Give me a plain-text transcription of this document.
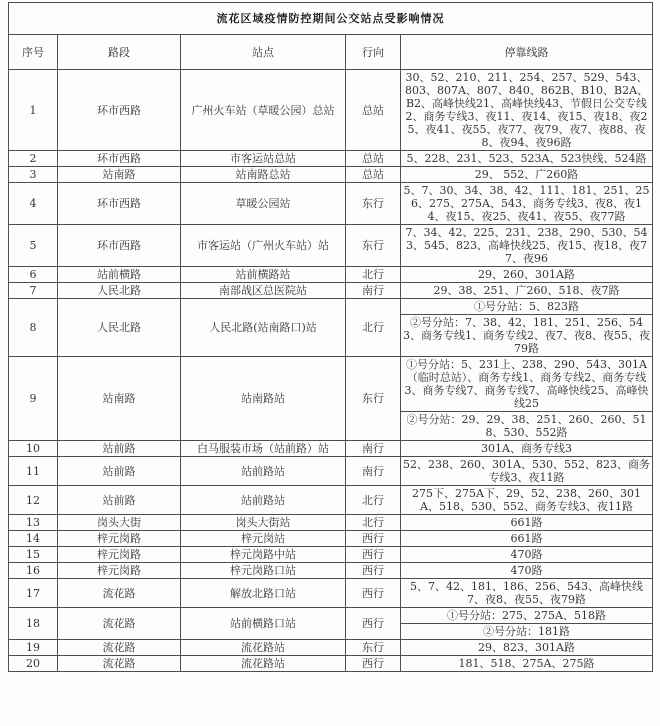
流花区域疫情防控期间公交站点受影响情况				
序号	路段	站点	行向	停靠线路
1	环市西路	广州火车站（草暖公园）总站	总站	30、52、210、211、254、257、529、543、803、807A、807、840、862B、B10、B2A、B2、高峰快线21、高峰快线43、节假日公交专线2、商务专线3、夜11、夜14、夜15、夜18、夜25、夜41、夜55、夜77、夜79、夜7、夜88、夜8、夜94、夜96路
2	环市西路	市客运站总站	总站	5、228、231、523、523A、523快线、524路
3	站南路	站南路总站	总站	29、 552、广260路
4	环市西路	草暖公园站	东行	5、7、30、34、38、42、111、181、251、256、275、275A、543、商务专线3、夜8、夜14、夜15、夜25、夜41、夜55、夜77路
5	环市西路	市客运站（广州火车站）站	东行	7、34、42、225、231、238、290、530、543、545、823、高峰快线25、夜15、夜18、夜77、夜96
6	站前横路	站前横路站	北行	29、260、301A路
7	人民北路	南部战区总医院站	南行	29、38、251、广260、518、夜7路
8	人民北路	人民北路(站南路口)站	北行	①号分站：5、823路
②号分站：7、38、42、181、251、256、543、商务专线1、商务专线2、夜7、夜8、夜55、夜79路

9	站南路	站南路站	东行	①号分站：5、231上、238、290、543、301A（临时总站）、商务专线1、商务专线2、商务专线3、商务专线7、商务专线7、高峰快线25、高峰快线25
②号分站：29、29、38、251、260、260、518、530、552路

10	站前路	白马服装市场（站前路）站	南行	301A、商务专线3
11	站前路	站前路站	南行	52、238、260、301A、530、552、823、商务专线3、夜11路
12	站前路	站前路站	北行	275下、275A下、29、52、238、260、301A、518、530、552、商务专线3、夜11路
13	岗头大街	岗头大街站	北行	661路
14	梓元岗路	梓元岗站	西行	661路
15	梓元岗路	梓元岗路中站	西行	470路
16	梓元岗路	梓元岗路口站	西行	470路
17	流花路	解放北路口站	西行	5、7、42、181、186、256、543、高峰快线7、夜8、夜55、夜79路
18	流花路	站前横路口站	西行	①号分站：275、275A、518路
②号分站：181路

19	流花路	流花路站	东行	29、823、301A路
20	流花路	流花路站	西行	181、518、275A、275路
